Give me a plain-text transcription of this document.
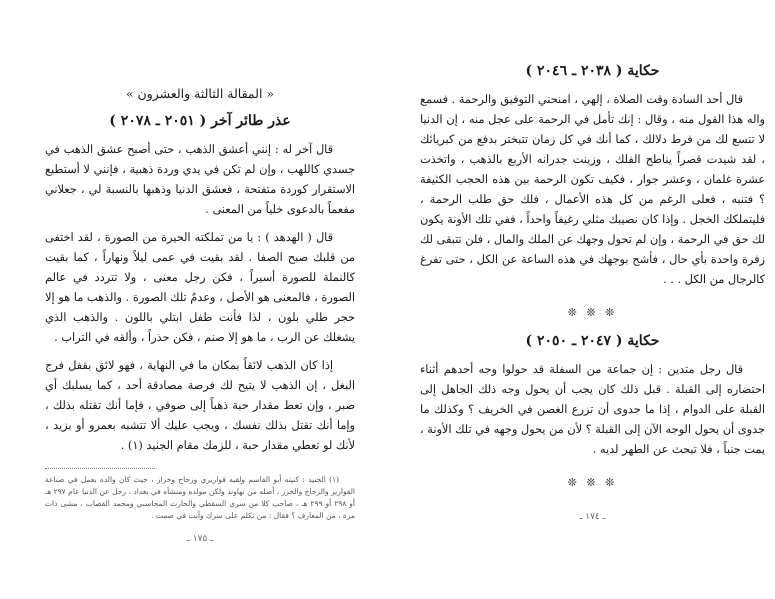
حكاية ( ٢٠٣٨ ـ ٢٠٤٦ )

قال أحد السادة وقت الصلاة ، إلهي ، امنحني التوفيق والرحمة . فسمع واله هذا القول منه ، وقال : إنك تأمل في الرحمة على عجل منه ، إن الدنيا لا تتسع لك من فرط دلالك ، كما أنك في كل زمان تتبختر بدفع من كبريائك ، لقد شيدت قصراً يناطح الفلك ، وزينت جدرانه الأربع بالذهب ، واتخذت عشرة غلمان ، وعشر جوار ، فكيف تكون الرحمة بين هذه الحجب الكثيفة ؟ فتنبه ، فعلى الرغم من كل هذه الأعمال ، فلك حق طلب الرحمة ، فليتملكك الخجل . وإذا كان نصيبك مثلي رغيفاً واحداً ، ففي تلك الأونة يكون لك حق في الرحمة ، وإن لم تحول وجهك عن الملك والمال ، فلن تتبقى لك زفرة واحدة بأي حال ، فأشح بوجهك في هذه الساعة عن الكل ، حتى تفرغ كالرجال من الكل . . .

❊ ❊ ❊
حكاية ( ٢٠٤٧ ـ ٢٠٥٠ )

قال رجل متدين : إن جماعة من السفلة قد حولوا وجه أحدهم أثناء احتضاره إلى القبلة . قبل ذلك كان يجب أن يحول وجه ذلك الجاهل إلى القبلة على الدوام ، إذا ما جدوى أن تزرع الغصن في الخريف ؟ وكذلك ما جدوى أن يحول الوجه الآن إلى القبلة ؟ لأن من يحول وجهه في تلك الأونة ، يمت جنباً ، فلا تبحث عن الطهر لديه .

❊ ❊ ❊
ـ ١٧٤ ـ
« المقالة الثالثة والعشرون »
عذر طائر آخر ( ٢٠٥١ ـ ٢٠٧٨ )

قال آخر له : إنني أعشق الذهب ، حتى أصبح عشق الذهب في جسدي كاللهب ، وإن لم تكن في يدي وردة ذهبية ، فإنني لا أستطيع الاستقرار كوردة متفتحة ، فعشق الدنيا وذهبها بالنسبة لي ، جعلاني مفعماً بالدعوى خلياً من المعنى .

قال ( الهدهد ) : يا من تملكته الحيرة من الصورة ، لقد اختفى من قلبك صبح الصفا . لقد بقيت في عمى ليلاً ونهاراً ، كما بقيت كالنملة للصورة أسيراً ، فكن رجل معنى ، ولا تتردد في عالم الصورة ، فالمعنى هو الأصل ، وعدمٌ تلك الصورة . والذهب ما هو إلا حجر طلي بلون ، لذا فأنت طفل ابتلي باللون . والذهب الذي يشغلك عن الرب ، ما هو إلا صنم ، فكن حذراً ، وألقه في التراب .

إذا كان الذهب لائقاً بمكان ما في النهاية ، فهو لائق بقفل فرج البغل ، إن الذهب لا يتيح لك فرصة مصادقة أحد ، كما يسلبك أي صبر ، وإن تعط مقدار حبة ذهباً إلى صوفي ، فإما أنك تقتله بذلك ، وإما أنك تقتل بذلك نفسك ، ويجب عليك ألا تتشبه بعمرو أو بزيد ، لأنك لو تعطي مقدار حبة ، للزمك مقام الجنيد (١) .

(١) الجنيد : كنيته أبو القاسم ولقبه قواريري وزجاج وخزاز ، حيث كان والده يعمل في صناعة القوارير والزجاج والخزز ، أصله من نهاوند ولكن مولده ومنشأه في بغداد ، رحل عن الدنيا عام ٢٩٧ هـ أو ٢٩٨ أو ٢٩٩ هـ ، صاحب كلا من سري السقطي والحارث المحاسبي ومحمد القصاب ، مشى ذات مرة ، من المعارف ؟ فقال : من تكلم على سرك وأنت في صمت .

ـ ١٧٥ ـ
